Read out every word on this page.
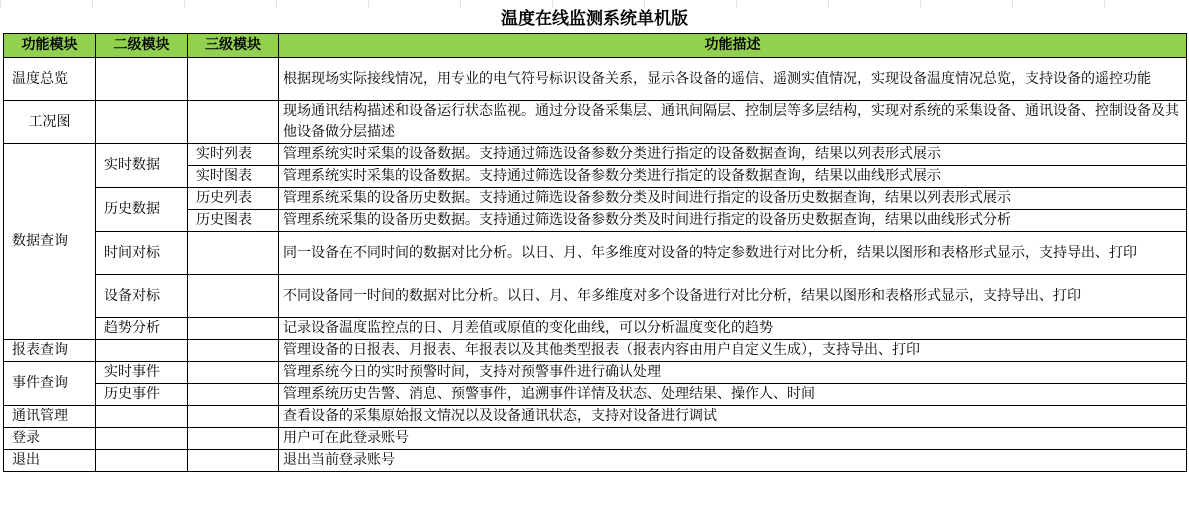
温度在线监测系统单机版
功能模块	二级模块	三级模块	功能描述
温度总览			根据现场实际接线情况，用专业的电气符号标识设备关系，显示各设备的遥信、遥测实值情况，实现设备温度情况总览，支持设备的遥控功能
工况图			现场通讯结构描述和设备运行状态监视。通过分设备采集层、通讯间隔层、控制层等多层结构，实现对系统的采集设备、通讯设备、控制设备及其他设备做分层描述
数据查询	实时数据	实时列表	管理系统实时采集的设备数据。支持通过筛选设备参数分类进行指定的设备数据查询，结果以列表形式展示
		实时图表	管理系统实时采集的设备数据。支持通过筛选设备参数分类进行指定的设备数据查询，结果以曲线形式展示
	历史数据	历史列表	管理系统采集的设备历史数据。支持通过筛选设备参数分类及时间进行指定的设备历史数据查询，结果以列表形式展示
		历史图表	管理系统采集的设备历史数据。支持通过筛选设备参数分类及时间进行指定的设备历史数据查询，结果以曲线形式分析
	时间对标		同一设备在不同时间的数据对比分析。以日、月、年多维度对设备的特定参数进行对比分析，结果以图形和表格形式显示，支持导出、打印
	设备对标		不同设备同一时间的数据对比分析。以日、月、年多维度对多个设备进行对比分析，结果以图形和表格形式显示，支持导出、打印
	趋势分析		记录设备温度监控点的日、月差值或原值的变化曲线，可以分析温度变化的趋势
报表查询			管理设备的日报表、月报表、年报表以及其他类型报表（报表内容由用户自定义生成），支持导出、打印
事件查询	实时事件		管理系统今日的实时预警时间，支持对预警事件进行确认处理
	历史事件		管理系统历史告警、消息、预警事件，追溯事件详情及状态、处理结果、操作人、时间
通讯管理			查看设备的采集原始报文情况以及设备通讯状态，支持对设备进行调试
登录			用户可在此登录账号
退出			退出当前登录账号
